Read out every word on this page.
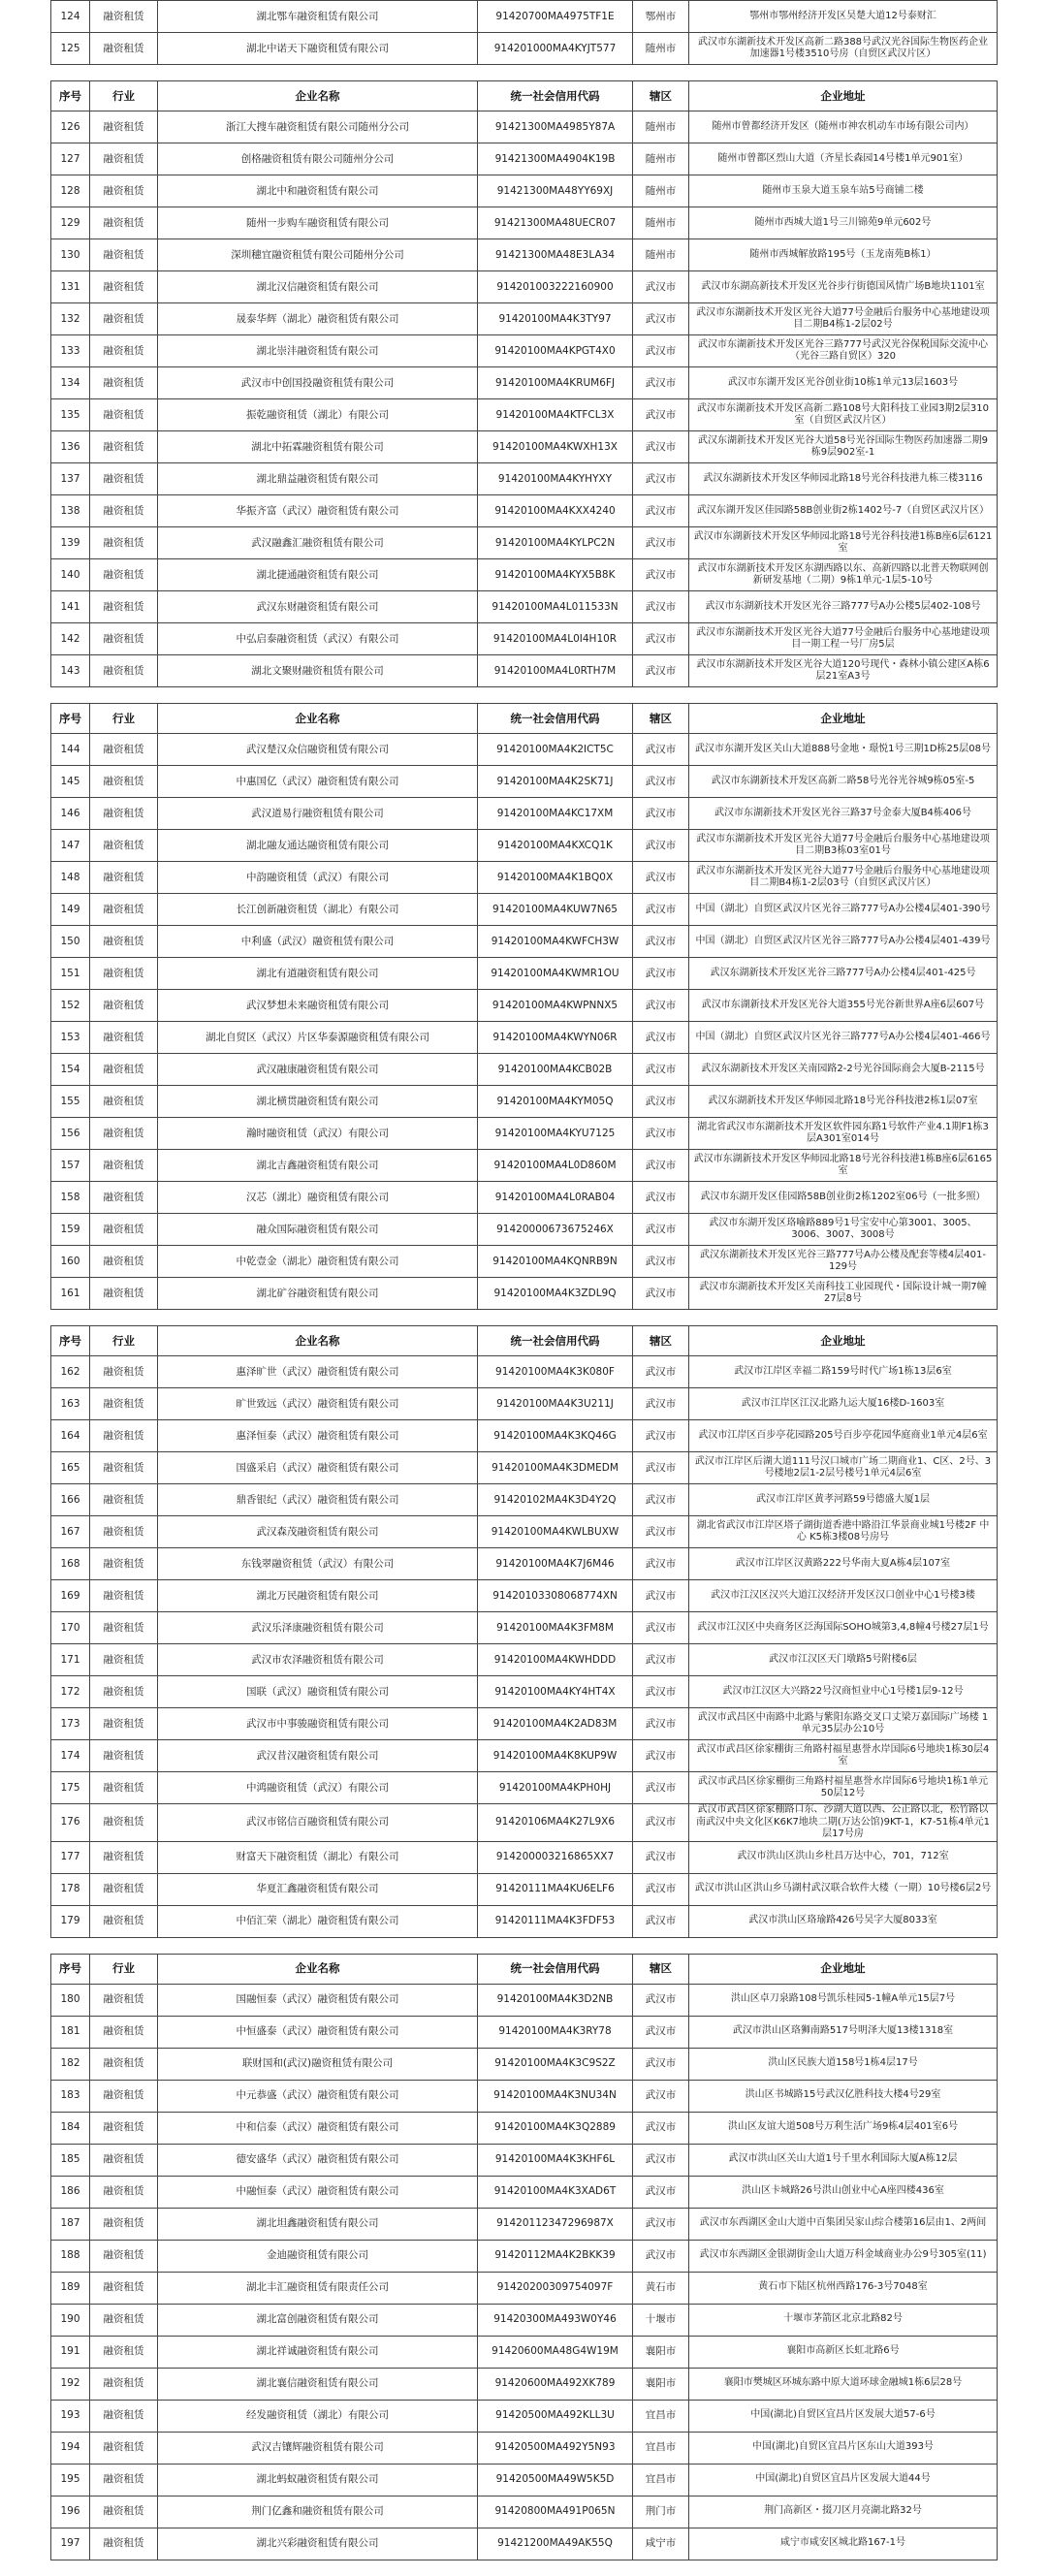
124	融资租赁	湖北鄂车融资租赁有限公司	91420700MA4975TF1E	鄂州市	鄂州市鄂州经济开发区吴楚大道12号泰财汇
125	融资租赁	湖北中诺天下融资租赁有限公司	914201000MA4KYJT577	随州市	武汉市东湖新技术开发区高新二路388号武汉光谷国际生物医药企业加速器1号楼3510号房（自贸区武汉片区）
序号	行业	企业名称	统一社会信用代码	辖区	企业地址
126	融资租赁	浙江大搜车融资租赁有限公司随州分公司	91421300MA4985Y87A	随州市	随州市曾都经济开发区（随州市神农机动车市场有限公司内）
127	融资租赁	创格融资租赁有限公司随州分公司	91421300MA4904K19B	随州市	随州市曾都区烈山大道（齐星长森园14号楼1单元901室）
128	融资租赁	湖北中和融资租赁有限公司	91421300MA48YY69XJ	随州市	随州市玉泉大道玉泉车站5号商铺二楼
129	融资租赁	随州一步购车融资租赁有限公司	91421300MA48UECR07	随州市	随州市西城大道1号三川锦苑9单元602号
130	融资租赁	深圳穗宜融资租赁有限公司随州分公司	91421300MA48E3LA34	随州市	随州市西城解放路195号（玉龙南苑B栋1）
131	融资租赁	湖北汉信融资租赁有限公司	914201003222160900	武汉市	武汉市东湖高新技术开发区光谷步行街德国风情广场B地块1101室
132	融资租赁	晟泰华辉（湖北）融资租赁有限公司	91420100MA4K3TY97	武汉市	武汉市东湖新技术开发区光谷大道77号金融后台服务中心基地建设项目二期B4栋1-2层02号
133	融资租赁	湖北崇沣融资租赁有限公司	91420100MA4KPGT4X0	武汉市	武汉市东湖新技术开发区光谷三路777号武汉光谷保税国际交流中心（光谷三路自贸区）320
134	融资租赁	武汉市中创国投融资租赁有限公司	91420100MA4KRUM6FJ	武汉市	武汉市东湖开发区光谷创业街10栋1单元13层1603号
135	融资租赁	振乾融资租赁（湖北）有限公司	91420100MA4KTFCL3X	武汉市	武汉市东湖新技术开发区高新二路108号大阳科技工业园3期2层310室（自贸区武汉片区）
136	融资租赁	湖北中拓霖融资租赁有限公司	91420100MA4KWXH13X	武汉市	武汉东湖新技术开发区光谷大道58号光谷国际生物医药加速器二期9栋9层902室-1
137	融资租赁	湖北鼎益融资租赁有限公司	91420100MA4KYHYXY	武汉市	武汉东湖新技术开发区华师园北路18号光谷科技港九栋三楼3116
138	融资租赁	华振齐富（武汉）融资租赁有限公司	91420100MA4KXX4240	武汉市	武汉东湖开发区佳园路58B创业街2栋1402号-7（自贸区武汉片区）
139	融资租赁	武汉融鑫汇融资租赁有限公司	91420100MA4KYLPC2N	武汉市	武汉市东湖新技术开发区华师园北路18号光谷科技港1栋B座6层6121室
140	融资租赁	湖北捷通融资租赁有限公司	91420100MA4KYX5B8K	武汉市	武汉市东湖新技术开发区东湖西路以东、高新四路以北普天物联网创新研发基地（二期）9栋1单元-1层5-10号
141	融资租赁	武汉东财融资租赁有限公司	91420100MA4L011533N	武汉市	武汉市东湖新技术开发区光谷三路777号A办公楼5层402-108号
142	融资租赁	中弘启泰融资租赁（武汉）有限公司	91420100MA4L0I4H10R	武汉市	武汉市东湖新技术开发区光谷大道77号金融后台服务中心基地建设项目一期工程一号厂房5层
143	融资租赁	湖北文聚财融资租赁有限公司	91420100MA4L0RTH7M	武汉市	武汉市东湖新技术开发区光谷大道120号现代・森林小镇公建区A栋6层21室A3号
序号	行业	企业名称	统一社会信用代码	辖区	企业地址
144	融资租赁	武汉楚汉众信融资租赁有限公司	91420100MA4K2ICT5C	武汉市	武汉市东湖开发区关山大道888号金地・璟悦1号三期1D栋25层08号
145	融资租赁	中惠国亿（武汉）融资租赁有限公司	91420100MA4K2SK71J	武汉市	武汉市东湖新技术开发区高新二路58号光谷光谷城9栋05室-5
146	融资租赁	武汉道易行融资租赁有限公司	91420100MA4KC17XM	武汉市	武汉市东湖新技术开发区光谷三路37号金泰大厦B4栋406号
147	融资租赁	湖北融友通达融资租赁有限公司	91420100MA4KXCQ1K	武汉市	武汉市东湖新技术开发区光谷大道77号金融后台服务中心基地建设项目二期B3栋03室01号
148	融资租赁	中韵融资租赁（武汉）有限公司	91420100MA4K1BQ0X	武汉市	武汉市东湖新技术开发区光谷大道77号金融后台服务中心基地建设项目二期B4栋1-2层03号（自贸区武汉片区）
149	融资租赁	长江创新融资租赁（湖北）有限公司	91420100MA4KUW7N65	武汉市	中国（湖北）自贸区武汉片区光谷三路777号A办公楼4层401-390号
150	融资租赁	中利盛（武汉）融资租赁有限公司	91420100MA4KWFCH3W	武汉市	中国（湖北）自贸区武汉片区光谷三路777号A办公楼4层401-439号
151	融资租赁	湖北有道融资租赁有限公司	91420100MA4KWMR1OU	武汉市	武汉东湖新技术开发区光谷三路777号A办公楼4层401-425号
152	融资租赁	武汉梦想未来融资租赁有限公司	91420100MA4KWPNNX5	武汉市	武汉市东湖新技术开发区光谷大道355号光谷新世界A座6层607号
153	融资租赁	湖北自贸区（武汉）片区华泰源融资租赁有限公司	91420100MA4KWYN06R	武汉市	中国（湖北）自贸区武汉片区光谷三路777号A办公楼4层401-466号
154	融资租赁	武汉融康融资租赁有限公司	91420100MA4KCB02B	武汉市	武汉东湖新技术开发区关南园路2-2号光谷国际商会大厦B-2115号
155	融资租赁	湖北横贯融资租赁有限公司	91420100MA4KYM05Q	武汉市	武汉东湖新技术开发区华师园北路18号光谷科技港2栋1层07室
156	融资租赁	瀚时融资租赁（武汉）有限公司	91420100MA4KYU7125	武汉市	湖北省武汉市东湖新技术开发区软件园东路1号软件产业4.1期F1栋3层A301室014号
157	融资租赁	湖北吉鑫融资租赁有限公司	91420100MA4L0D860M	武汉市	武汉市东湖新技术开发区华师园北路18号光谷科技港1栋B座6层6165室
158	融资租赁	汉芯（湖北）融资租赁有限公司	91420100MA4L0RAB04	武汉市	武汉市东湖开发区佳园路58B创业街2栋1202室06号（一批多照）
159	融资租赁	融众国际融资租赁有限公司	91420000673675246X	武汉市	武汉市东湖开发区珞喻路889号1号宝安中心第3001、3005、3006、3007、3008号
160	融资租赁	中乾壹金（湖北）融资租赁有限公司	91420100MA4KQNRB9N	武汉市	武汉东湖新技术开发区光谷三路777号A办公楼及配套等楼4层401-129号
161	融资租赁	湖北矿谷融资租赁有限公司	91420100MA4K3ZDL9Q	武汉市	武汉市东湖新技术开发区关南科技工业园现代・国际设计城一期7幢27层8号
序号	行业	企业名称	统一社会信用代码	辖区	企业地址
162	融资租赁	惠泽旷世（武汉）融资租赁有限公司	91420100MA4K3K080F	武汉市	武汉市江岸区幸福二路159号时代广场1栋13层6室
163	融资租赁	旷世致远（武汉）融资租赁有限公司	91420100MA4K3U211J	武汉市	武汉市江岸区江汉北路九运大厦16楼D-1603室
164	融资租赁	惠泽恒泰（武汉）融资租赁有限公司	91420100MA4K3KQ46G	武汉市	武汉市江岸区百步亭花园路205号百步亭花园华庭商业1单元4层6室
165	融资租赁	国盛采启（武汉）融资租赁有限公司	91420100MA4K3DMEDM	武汉市	武汉市江岸区后湖大道111号汉口城市广场二期商业1、C区、2号、3号楼地2层1-2层号楼号1单元4层6室
166	融资租赁	鼎香银纪（武汉）融资租赁有限公司	91420102MA4K3D4Y2Q	武汉市	武汉市江岸区黄孝河路59号德盛大厦1层
167	融资租赁	武汉森茂融资租赁有限公司	91420100MA4KWLBUXW	武汉市	湖北省武汉市江岸区塔子湖街道香港中路沿江华景商业城1号楼2F 中心 K5栋3楼08号房号
168	融资租赁	东钱翠融资租赁（武汉）有限公司	91420100MA4K7J6M46	武汉市	武汉市江岸区汉黄路222号华南大夏A栋4层107室
169	融资租赁	湖北万民融资租赁有限公司	91420103308068774XN	武汉市	武汉市江汉区汉兴大道江汉经济开发区汉口创业中心1号楼3楼
170	融资租赁	武汉乐泽康融资租赁有限公司	91420100MA4K3FM8M	武汉市	武汉市江汉区中央商务区泛海国际SOHO城第3,4,8幢4号楼27层1号
171	融资租赁	武汉市农泽融资租赁有限公司	91420100MA4KWHDDD	武汉市	武汉市江汉区天门墩路5号附楼6层
172	融资租赁	国联（武汉）融资租赁有限公司	91420100MA4KY4HT4X	武汉市	武汉市江汉区大兴路22号汉商恒业中心1号楼1层9-12号
173	融资租赁	武汉市中事骏融资租赁有限公司	91420100MA4K2AD83M	武汉市	武汉市武昌区中南路中北路与紫阳东路交叉口丈梁万嘉国际广场楼 1单元35层办公10号
174	融资租赁	武汉昔汉融资租赁有限公司	91420100MA4K8KUP9W	武汉市	武汉市武昌区徐家棚街三角路村福星惠誉水岸国际6号地块1栋30层4室
175	融资租赁	中鸿融资租赁（武汉）有限公司	91420100MA4KPH0HJ	武汉市	武汉市武昌区徐家棚街三角路村福星惠誉水岸国际6号地块1栋1单元50层12号
176	融资租赁	武汉市铭信百融资租赁有限公司	91420106MA4K27L9X6	武汉市	武汉市武昌区徐家棚路口东、沙湖大道以西、公正路以北，松竹路以南武汉中央文化区K6K7地块二期(万达公馆)9KT-1，K7-51栋4单元1层17号房
177	融资租赁	财富天下融资租赁（湖北）有限公司	914200003216865XX7	武汉市	武汉市洪山区洪山乡杜昌万达中心，701，712室
178	融资租赁	华夏汇鑫融资租赁有限公司	91420111MA4KU6ELF6	武汉市	武汉市洪山区洪山乡马湖村武汉联合软件大楼（一期）10号楼6层2号
179	融资租赁	中佰汇荣（湖北）融资租赁有限公司	91420111MA4K3FDF53	武汉市	武汉市洪山区珞瑜路426号吴字大厦8033室
序号	行业	企业名称	统一社会信用代码	辖区	企业地址
180	融资租赁	国融恒泰（武汉）融资租赁有限公司	91420100MA4K3D2NB	武汉市	洪山区卓刀泉路108号凯乐桂园5-1幢A单元15层7号
181	融资租赁	中恒盛泰（武汉）融资租赁有限公司	91420100MA4K3RY78	武汉市	武汉市洪山区珞狮南路517号明泽大厦13楼1318室
182	融资租赁	联财国和(武汉)融资租赁有限公司	91420100MA4K3C9S2Z	武汉市	洪山区民族大道158号1栋4层17号
183	融资租赁	中元恭盛（武汉）融资租赁有限公司	91420100MA4K3NU34N	武汉市	洪山区书城路15号武汉亿胜科技大楼4号29室
184	融资租赁	中和信泰（武汉）融资租赁有限公司	91420100MA4K3Q2889	武汉市	洪山区友谊大道508号万利生活广场9栋4层401室6号
185	融资租赁	德安盛华（武汉）融资租赁有限公司	91420100MA4K3KHF6L	武汉市	武汉市洪山区关山大道1号千里水利国际大厦A栋12层
186	融资租赁	中融恒泰（武汉）融资租赁有限公司	91420100MA4K3XAD6T	武汉市	洪山区卡城路26号洪山创业中心A座四楼436室
187	融资租赁	湖北坦鑫融资租赁有限公司	91420112347296987X	武汉市	武汉市东西湖区金山大道中百集团吴家山综合楼第16层由1、2两间
188	融资租赁	金迪融资租赁有限公司	91420112MA4K2BKK39	武汉市	武汉市东西湖区金银湖街金山大道万科金域商业办公9号305室(11)
189	融资租赁	湖北丰汇融资租赁有限责任公司	91420200309754097F	黄石市	黄石市下陆区杭州西路176-3号7048室
190	融资租赁	湖北富创融资租赁有限公司	91420300MA493W0Y46	十堰市	十堰市茅箭区北京北路82号
191	融资租赁	湖北祥诚融资租赁有限公司	91420600MA48G4W19M	襄阳市	襄阳市高新区长虹北路6号
192	融资租赁	湖北襄信融资租赁有限公司	91420600MA492XK789	襄阳市	襄阳市樊城区环城东路中原大道环球金融城1栋6层28号
193	融资租赁	经发融资租赁（湖北）有限公司	91420500MA492KLL3U	宜昌市	中国(湖北)自贸区宜昌片区发展大道57-6号
194	融资租赁	武汉吉镶辉融资租赁有限公司	91420500MA492Y5N93	宜昌市	中国(湖北)自贸区宜昌片区东山大道393号
195	融资租赁	湖北蚂蚁融资租赁有限公司	91420500MA49W5K5D	宜昌市	中国(湖北)自贸区宜昌片区发展大道44号
196	融资租赁	荆门亿鑫和融资租赁有限公司	91420800MA491P065N	荆门市	荆门高新区・掇刀区月亮湖北路32号
197	融资租赁	湖北兴彩融资租赁有限公司	91421200MA49AK55Q	咸宁市	咸宁市咸安区城北路167-1号
